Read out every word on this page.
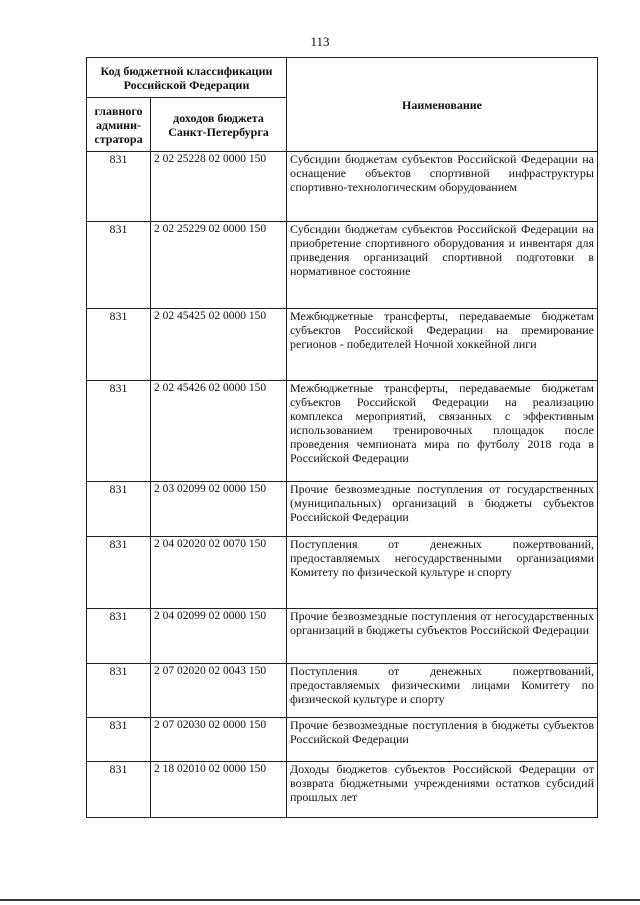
113
Код бюджетной классификации Российской Федерации		Наименование
главного админи-стратора	доходов бюджета Санкт-Петербурга	
831	2 02 25228 02 0000 150	Субсидии бюджетам субъектов Российской Федерации на оснащение объектов спортивной инфраструктуры спортивно-технологическим оборудованием
831	2 02 25229 02 0000 150	Субсидии бюджетам субъектов Российской Федерации на приобретение спортивного оборудования и инвентаря для приведения организаций спортивной подготовки в нормативное состояние
831	2 02 45425 02 0000 150	Межбюджетные трансферты, передаваемые бюджетам субъектов Российской Федерации на премирование регионов - победителей Ночной хоккейной лиги
831	2 02 45426 02 0000 150	Межбюджетные трансферты, передаваемые бюджетам субъектов Российской Федерации на реализацию комплекса мероприятий, связанных с эффективным использованием тренировочных площадок после проведения чемпионата мира по футболу 2018 года в Российской Федерации
831	2 03 02099 02 0000 150	Прочие безвозмездные поступления от государственных (муниципальных) организаций в бюджеты субъектов Российской Федерации
831	2 04 02020 02 0070 150	Поступления от денежных пожертвований, предоставляемых негосударственными организациями Комитету по физической культуре и спорту
831	2 04 02099 02 0000 150	Прочие безвозмездные поступления от негосударственных организаций в бюджеты субъектов Российской Федерации
831	2 07 02020 02 0043 150	Поступления от денежных пожертвований, предоставляемых физическими лицами Комитету по физической культуре и спорту
831	2 07 02030 02 0000 150	Прочие безвозмездные поступления в бюджеты субъектов Российской Федерации
831	2 18 02010 02 0000 150	Доходы бюджетов субъектов Российской Федерации от возврата бюджетными учреждениями остатков субсидий прошлых лет
